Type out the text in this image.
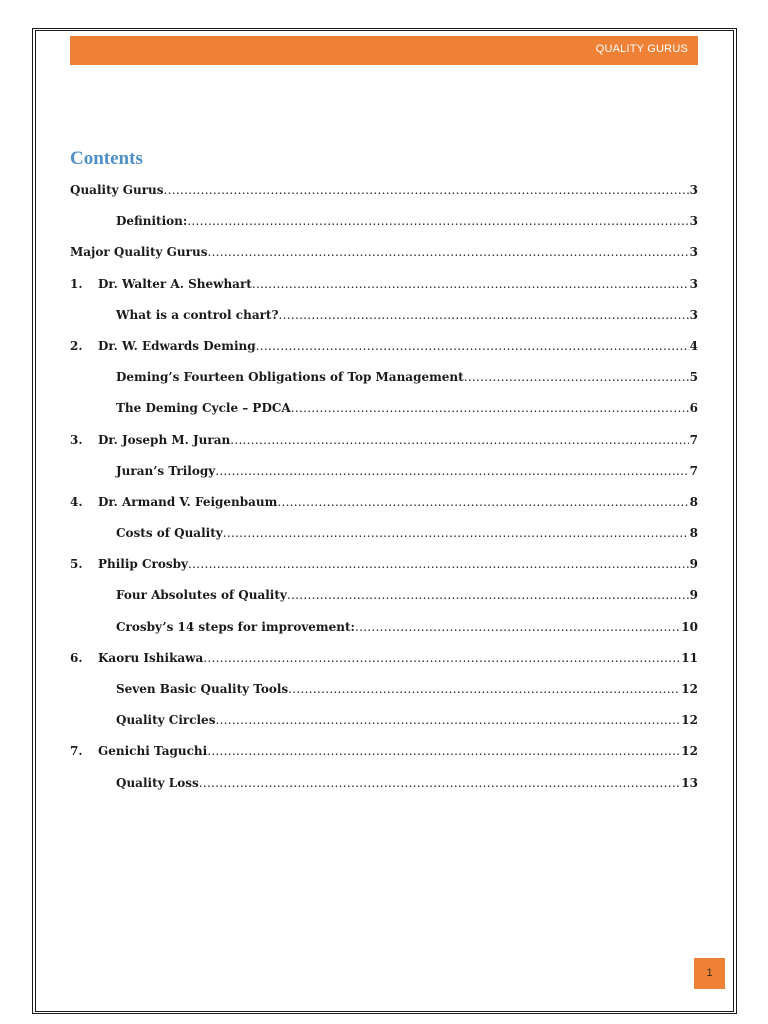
QUALITY GURUS
Contents
Quality Gurus .....	3
Definition: .....	3
Major Quality Gurus .....	3
1.	Dr. Walter A. Shewhart .....	3
What is a control chart? .....	3
2.	Dr. W. Edwards Deming .....	4
Deming’s Fourteen Obligations of Top Management .....	5
The Deming Cycle – PDCA .....	6
3.	Dr. Joseph M. Juran .....	7
Juran’s Trilogy .....	7
4.	Dr. Armand V. Feigenbaum .....	8
Costs of Quality .....	8
5.	Philip Crosby .....	9
Four Absolutes of Quality .....	9
Crosby’s 14 steps for improvement: .....	10
6.	Kaoru Ishikawa .....	11
Seven Basic Quality Tools .....	12
Quality Circles .....	12
7.	Genichi Taguchi .....	12
Quality Loss .....	13
1
